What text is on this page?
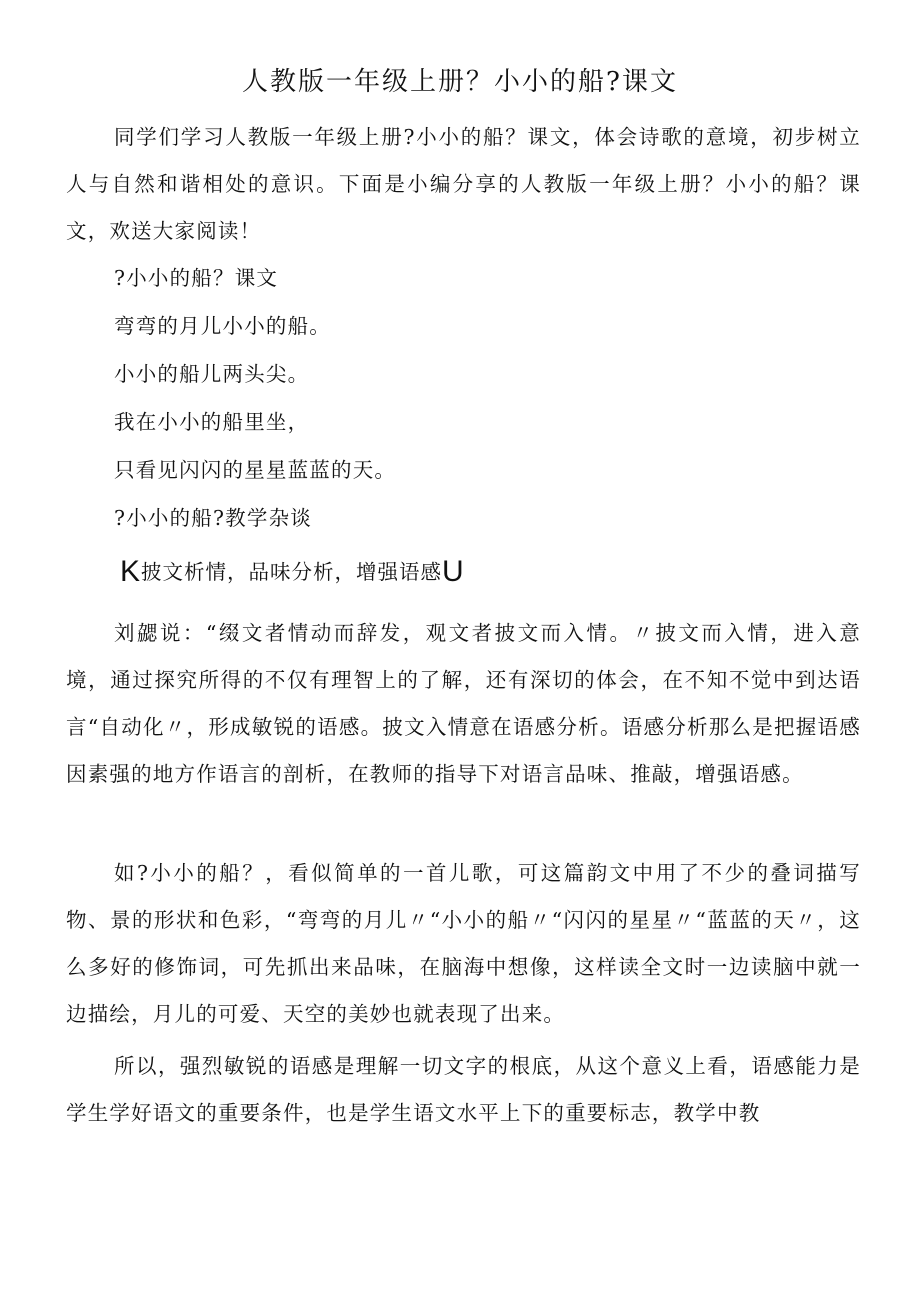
人教版一年级上册？小小的船?课文

同学们学习人教版一年级上册?小小的船？课文，体会诗歌的意境，初步树立人与自然和谐相处的意识。下面是小编分享的人教版一年级上册？小小的船？课文，欢送大家阅读！

?小小的船？课文
弯弯的月儿小小的船。
小小的船儿两头尖。
我在小小的船里坐，
只看见闪闪的星星蓝蓝的天。
?小小的船?教学杂谈
K披文析情，品味分析，增强语感U

刘勰说：“缀文者情动而辞发，观文者披文而入情。〃披文而入情，进入意境，通过探究所得的不仅有理智上的了解，还有深切的体会，在不知不觉中到达语言“自动化〃，形成敏锐的语感。披文入情意在语感分析。语感分析那么是把握语感因素强的地方作语言的剖析，在教师的指导下对语言品味、推敲，增强语感。

如?小小的船？，看似简单的一首儿歌，可这篇韵文中用了不少的叠词描写物、景的形状和色彩，“弯弯的月儿〃“小小的船〃“闪闪的星星〃“蓝蓝的天〃，这么多好的修饰词，可先抓出来品味，在脑海中想像，这样读全文时一边读脑中就一边描绘，月儿的可爱、天空的美妙也就表现了出来。

所以，强烈敏锐的语感是理解一切文字的根底，从这个意义上看，语感能力是学生学好语文的重要条件，也是学生语文水平上下的重要标志，教学中教
